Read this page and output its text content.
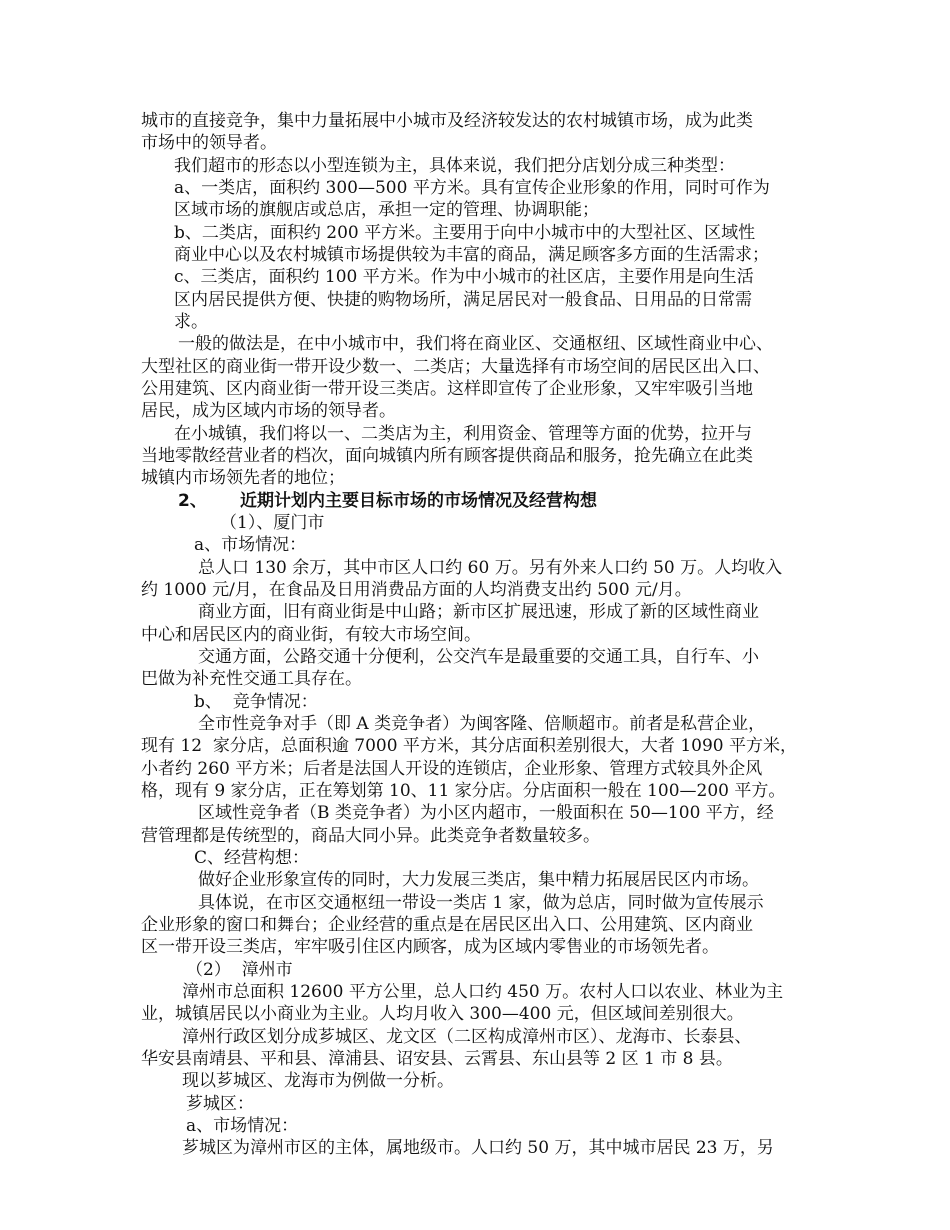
城市的直接竞争，集中力量拓展中小城市及经济较发达的农村城镇市场，成为此类
市场中的领导者。
我们超市的形态以小型连锁为主，具体来说，我们把分店划分成三种类型：
a、一类店，面积约 300—500 平方米。具有宣传企业形象的作用，同时可作为
区域市场的旗舰店或总店，承担一定的管理、协调职能；
b、二类店，面积约 200 平方米。主要用于向中小城市中的大型社区、区域性
商业中心以及农村城镇市场提供较为丰富的商品，满足顾客多方面的生活需求；
c、三类店，面积约 100 平方米。作为中小城市的社区店，主要作用是向生活
区内居民提供方便、快捷的购物场所，满足居民对一般食品、日用品的日常需
求。
一般的做法是，在中小城市中，我们将在商业区、交通枢纽、区域性商业中心、
大型社区的商业街一带开设少数一、二类店；大量选择有市场空间的居民区出入口、
公用建筑、区内商业街一带开设三类店。这样即宣传了企业形象，又牢牢吸引当地
居民，成为区域内市场的领导者。
在小城镇，我们将以一、二类店为主，利用资金、管理等方面的优势，拉开与
当地零散经营业者的档次，面向城镇内所有顾客提供商品和服务，抢先确立在此类
城镇内市场领先者的地位；
2、 近期计划内主要目标市场的市场情况及经营构想
（1）、厦门市
a、市场情况：
总人口 130 余万，其中市区人口约 60 万。另有外来人口约 50 万。人均收入
约 1000 元/月，在食品及日用消费品方面的人均消费支出约 500 元/月。
商业方面，旧有商业街是中山路；新市区扩展迅速，形成了新的区域性商业
中心和居民区内的商业街，有较大市场空间。
交通方面，公路交通十分便利，公交汽车是最重要的交通工具，自行车、小
巴做为补充性交通工具存在。
b、  竞争情况：
全市性竞争对手（即 A 类竞争者）为闽客隆、倍顺超市。前者是私营企业，
现有 12  家分店，总面积逾 7000 平方米，其分店面积差别很大，大者 1090 平方米，
小者约 260 平方米；后者是法国人开设的连锁店，企业形象、管理方式较具外企风
格，现有 9 家分店，正在筹划第 10、11 家分店。分店面积一般在 100—200 平方。
区域性竞争者（B 类竞争者）为小区内超市，一般面积在 50—100 平方，经
营管理都是传统型的，商品大同小异。此类竞争者数量较多。
C、经营构想：
做好企业形象宣传的同时，大力发展三类店，集中精力拓展居民区内市场。
具体说，在市区交通枢纽一带设一类店 1 家，做为总店，同时做为宣传展示
企业形象的窗口和舞台；企业经营的重点是在居民区出入口、公用建筑、区内商业
区一带开设三类店，牢牢吸引住区内顾客，成为区域内零售业的市场领先者。
（2）  漳州市
漳州市总面积 12600 平方公里，总人口约 450 万。农村人口以农业、林业为主
业，城镇居民以小商业为主业。人均月收入 300—400 元，但区域间差别很大。
漳州行政区划分成芗城区、龙文区（二区构成漳州市区）、龙海市、长泰县、
华安县南靖县、平和县、漳浦县、诏安县、云霄县、东山县等 2 区 1 市 8 县。
现以芗城区、龙海市为例做一分析。
芗城区：
a、市场情况：
芗城区为漳州市区的主体，属地级市。人口约 50 万，其中城市居民 23 万，另
